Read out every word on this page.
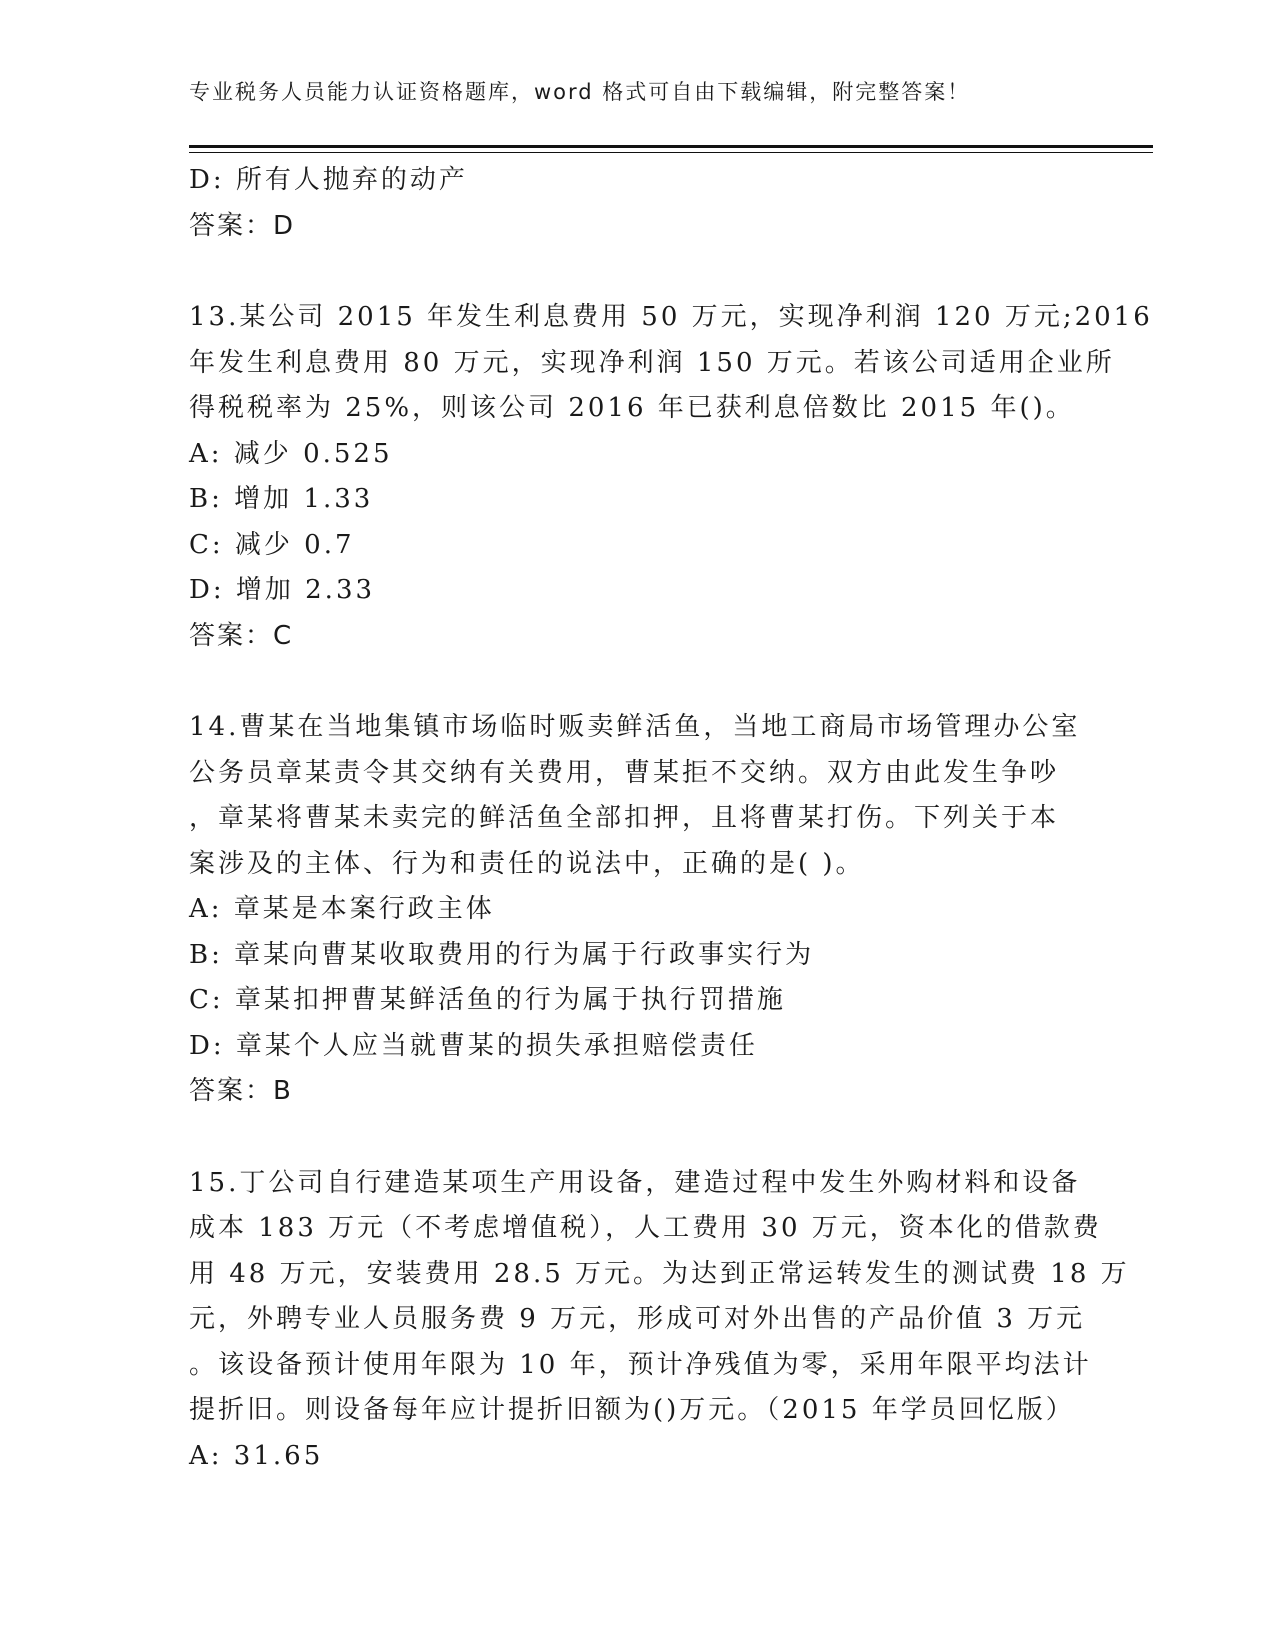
专业税务人员能力认证资格题库，word 格式可自由下载编辑，附完整答案！
D: 所有人抛弃的动产
答案：D
13.某公司 2015 年发生利息费用 50 万元，实现净利润 120 万元;2016
年发生利息费用 80 万元，实现净利润 150 万元。若该公司适用企业所
得税税率为 25%，则该公司 2016 年已获利息倍数比 2015 年()。
A: 减少 0.525
B: 增加 1.33
C: 减少 0.7
D: 增加 2.33
答案：C
14.曹某在当地集镇市场临时贩卖鲜活鱼，当地工商局市场管理办公室
公务员章某责令其交纳有关费用，曹某拒不交纳。双方由此发生争吵
，章某将曹某未卖完的鲜活鱼全部扣押，且将曹某打伤。下列关于本
案涉及的主体、行为和责任的说法中，正确的是( )。
A: 章某是本案行政主体
B: 章某向曹某收取费用的行为属于行政事实行为
C: 章某扣押曹某鲜活鱼的行为属于执行罚措施
D: 章某个人应当就曹某的损失承担赔偿责任
答案：B
15.丁公司自行建造某项生产用设备，建造过程中发生外购材料和设备
成本 183 万元（不考虑增值税），人工费用 30 万元，资本化的借款费
用 48 万元，安装费用 28.5 万元。为达到正常运转发生的测试费 18 万
元，外聘专业人员服务费 9 万元，形成可对外出售的产品价值 3 万元
。该设备预计使用年限为 10 年，预计净残值为零，采用年限平均法计
提折旧。则设备每年应计提折旧额为()万元。（2015 年学员回忆版）
A: 31.65
